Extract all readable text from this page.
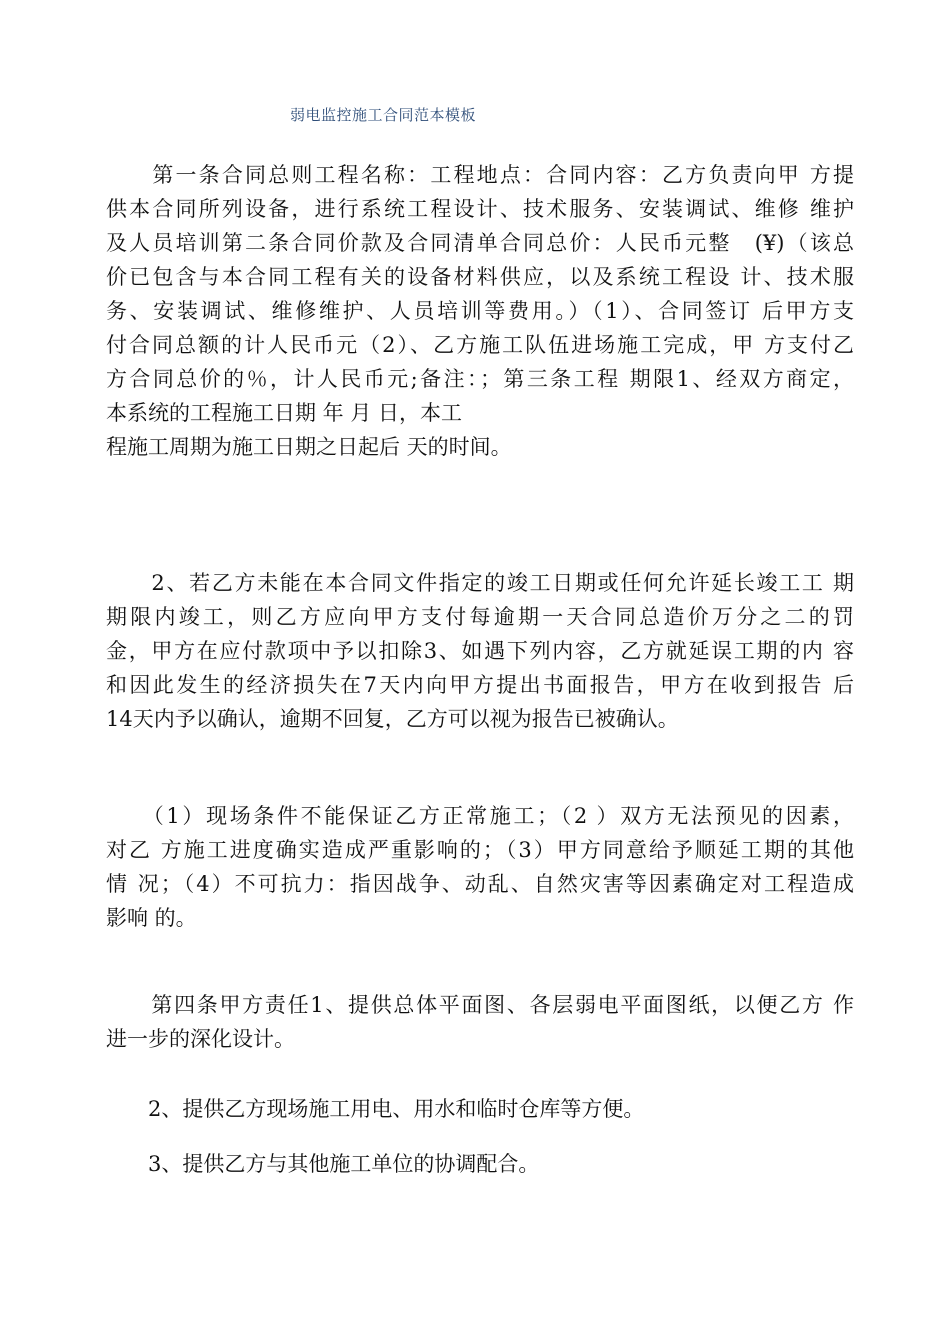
弱电监控施工合同范本模板
　　第一条合同总则工程名称：工程地点：合同内容：乙方负责向甲 方提
供本合同所列设备，进行系统工程设计、技术服务、安装调试、维修 维护
及人员培训第二条合同价款及合同清单合同总价：人民币元整　(¥)（该总
价已包含与本合同工程有关的设备材料供应，以及系统工程设 计、技术服
务、安装调试、维修维护、人员培训等费用。）（1）、合同签订 后甲方支
付合同总额的计人民币元（2）、乙方施工队伍进场施工完成，甲 方支付乙
方合同总价的％，计人民币元;备注：；第三条工程 期限1、经双方商定，
本系统的工程施工日期 年 月 日，本工
程施工周期为施工日期之日起后 天的时间。
　　2、若乙方未能在本合同文件指定的竣工日期或任何允许延长竣工工 期
期限内竣工，则乙方应向甲方支付每逾期一天合同总造价万分之二的罚
金，甲方在应付款项中予以扣除3、如遇下列内容，乙方就延误工期的内 容
和因此发生的经济损失在7天内向甲方提出书面报告，甲方在收到报告 后
14天内予以确认，逾期不回复，乙方可以视为报告已被确认。
　　（1）现场条件不能保证乙方正常施工；（2 ）双方无法预见的因素，
对乙 方施工进度确实造成严重影响的；（3）甲方同意给予顺延工期的其他
情 况；（4）不可抗力：指因战争、动乱、自然灾害等因素确定对工程造成
影响 的。
　　第四条甲方责任1、提供总体平面图、各层弱电平面图纸，以便乙方 作
进一步的深化设计。
　　2、提供乙方现场施工用电、用水和临时仓库等方便。
　　3、提供乙方与其他施工单位的协调配合。
